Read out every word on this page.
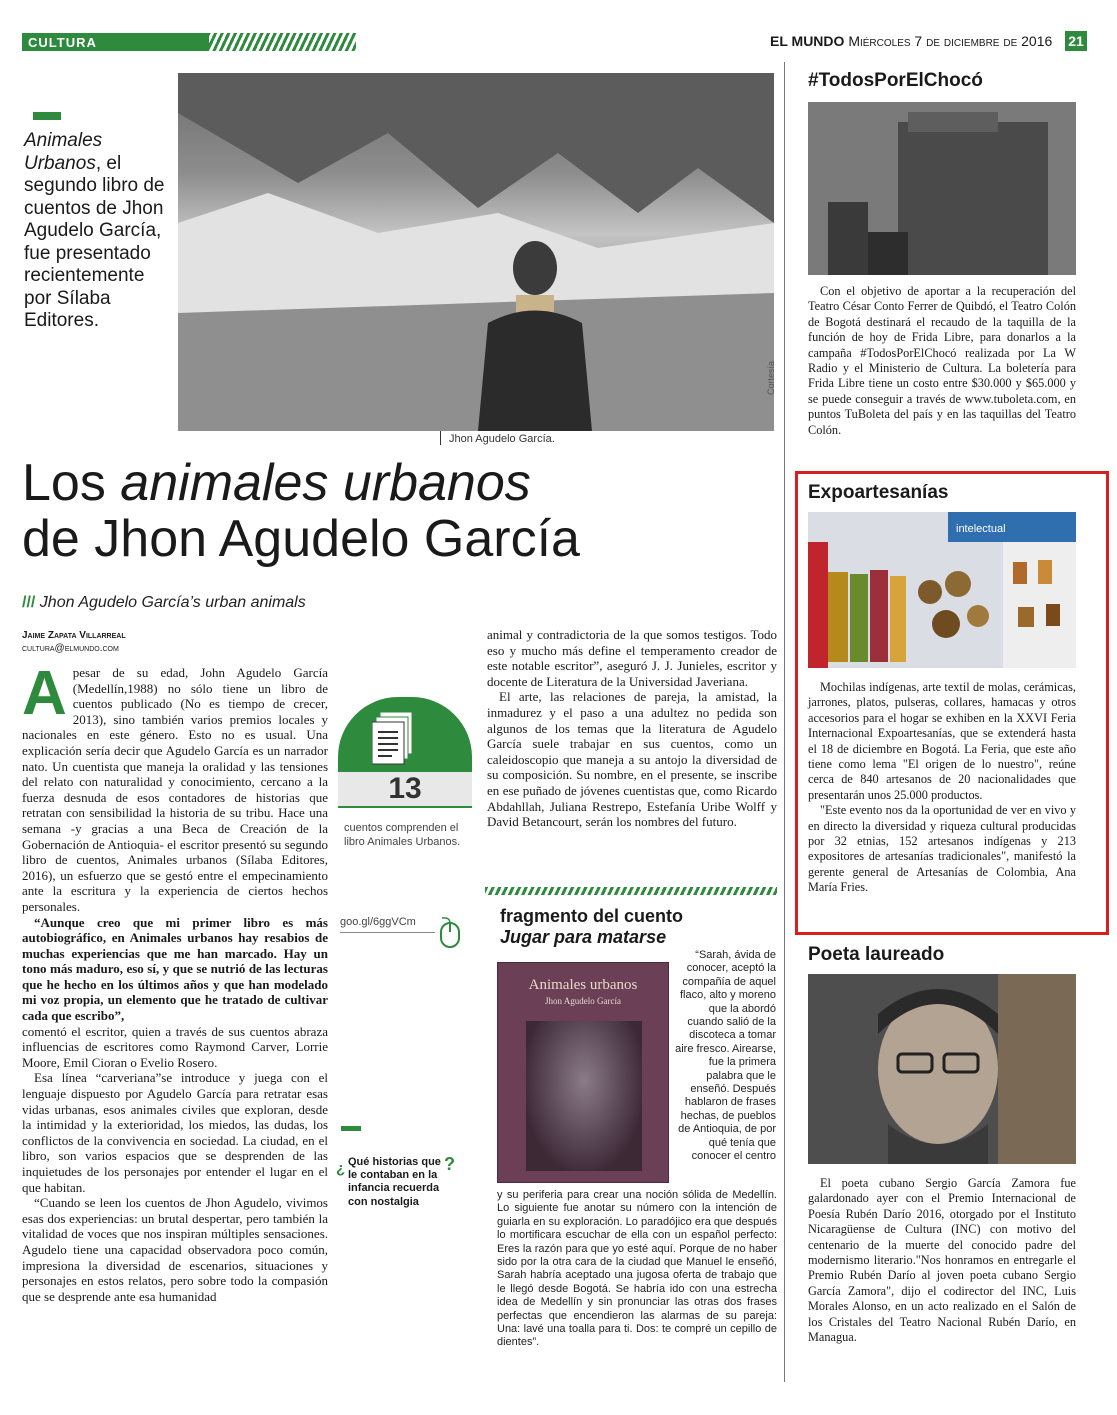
CULTURA	EL MUNDO Miércoles 7 de diciembre de 2016 21
Animales Urbanos, el segundo libro de cuentos de Jhon Agudelo García, fue presentado recientemente por Sílaba Editores.
Cortesía
Jhon Agudelo García.
Los animales urbanos
de Jhon Agudelo García
/// Jhon Agudelo García’s urban animals
Jaime Zapata Villarreal
cultura@elmundo.com
A pesar de su edad, John Agudelo García (Medellín,1988) no sólo tiene un libro de cuentos publicado (No es tiempo de crecer, 2013), sino también varios premios locales y nacionales en este género. Esto no es usual. Una explicación sería decir que Agudelo García es un narrador nato. Un cuentista que maneja la oralidad y las tensiones del relato con naturalidad y conocimiento, cercano a la fuerza desnuda de esos contadores de historias que retratan con sensibilidad la historia de su tribu. Hace una semana -y gracias a una Beca de Creación de la Gobernación de Antioquia- el escritor presentó su segundo libro de cuentos, Animales urbanos (Sílaba Editores, 2016), un esfuerzo que se gestó entre el empecinamiento ante la escritura y la experiencia de ciertos hechos personales.

“Aunque creo que mi primer libro es más autobiográfico, en Animales urbanos hay resabios de muchas experiencias que me han marcado. Hay un tono más maduro, eso sí, y que se nutrió de las lecturas que he hecho en los últimos años y que han modelado mi voz propia, un elemento que he tratado de cultivar cada que escribo”,

comentó el escritor, quien a través de sus cuentos abraza influencias de escritores como Raymond Carver, Lorrie Moore, Emil Cioran o Evelio Rosero.

Esa línea “carveriana”se introduce y juega con el lenguaje dispuesto por Agudelo García para retratar esas vidas urbanas, esos animales civiles que exploran, desde la intimidad y la exterioridad, los miedos, las dudas, los conflictos de la convivencia en sociedad. La ciudad, en el libro, son varios espacios que se desprenden de las inquietudes de los personajes por entender el lugar en el que habitan.

“Cuando se leen los cuentos de Jhon Agudelo, vivimos esas dos experiencias: un brutal despertar, pero también la vitalidad de voces que nos inspiran múltiples sensaciones. Agudelo tiene una capacidad observadora poco común, impresiona la diversidad de escenarios, situaciones y personajes en estos relatos, pero sobre todo la compasión que se desprende ante esa humanidad

13
cuentos comprenden el libro Animales Urbanos.
goo.gl/6ggVCm
¿ Qué historias que le contaban en la infancia recuerda con nostalgia
?

animal y contradictoria de la que somos testigos. Todo eso y mucho más define el temperamento creador de este notable escritor”, aseguró J. J. Junieles, escritor y docente de Literatura de la Universidad Javeriana.

El arte, las relaciones de pareja, la amistad, la inmadurez y el paso a una adultez no pedida son algunos de los temas que la literatura de Agudelo García suele trabajar en sus cuentos, como un caleidoscopio que maneja a su antojo la diversidad de su composición. Su nombre, en el presente, se inscribe en ese puñado de jóvenes cuentistas que, como Ricardo Abdahllah, Juliana Restrepo, Estefanía Uribe Wolff y David Betancourt, serán los nombres del futuro.

fragmento del cuento
Jugar para matarse
Animales urbanos
Jhon Agudelo García
“Sarah, ávida de conocer, aceptó la compañía de aquel flaco, alto y moreno que la abordó cuando salió de la discoteca a tomar aire fresco. Airearse, fue la primera palabra que le enseñó. Después hablaron de frases hechas, de pueblos de Antioquia, de por qué tenía que conocer el centro
y su periferia para crear una noción sólida de Medellín. Lo siguiente fue anotar su número con la intención de guiarla en su exploración. Lo paradójico era que después lo mortificara escuchar de ella con un español perfecto: Eres la razón para que yo esté aquí. Porque de no haber sido por la otra cara de la ciudad que Manuel le enseñó, Sarah habría aceptado una jugosa oferta de trabajo que le llegó desde Bogotá. Se habría ido con una estrecha idea de Medellín y sin pronunciar las otras dos frases perfectas que encendieron las alarmas de su pareja: Una: lavé una toalla para ti. Dos: te compré un cepillo de dientes”.
#TodosPorElChocó

Con el objetivo de aportar a la recuperación del Teatro César Conto Ferrer de Quibdó, el Teatro Colón de Bogotá destinará el recaudo de la taquilla de la función de hoy de Frida Libre, para donarlos a la campaña #TodosPorElChocó realizada por La W Radio y el Ministerio de Cultura. La boletería para Frida Libre tiene un costo entre $30.000 y $65.000 y se puede conseguir a través de www.tuboleta.com, en puntos TuBoleta del país y en las taquillas del Teatro Colón.

Expoartesanías
intelectual

Mochilas indígenas, arte textil de molas, cerámicas, jarrones, platos, pulseras, collares, hamacas y otros accesorios para el hogar se exhiben en la XXVI Feria Internacional Expoartesanías, que se extenderá hasta el 18 de diciembre en Bogotá. La Feria, que este año tiene como lema "El origen de lo nuestro", reúne cerca de 840 artesanos de 20 nacionalidades que presentarán unos 25.000 productos.

"Este evento nos da la oportunidad de ver en vivo y en directo la diversidad y riqueza cultural producidas por 32 etnias, 152 artesanos indígenas y 213 expositores de artesanías tradicionales", manifestó la gerente general de Artesanías de Colombia, Ana María Fries.

Poeta laureado

El poeta cubano Sergio García Zamora fue galardonado ayer con el Premio Internacional de Poesía Rubén Darío 2016, otorgado por el Instituto Nicaragüense de Cultura (INC) con motivo del centenario de la muerte del conocido padre del modernismo literario."Nos honramos en entregarle el Premio Rubén Darío al joven poeta cubano Sergio García Zamora", dijo el codirector del INC, Luis Morales Alonso, en un acto realizado en el Salón de los Cristales del Teatro Nacional Rubén Darío, en Managua.
